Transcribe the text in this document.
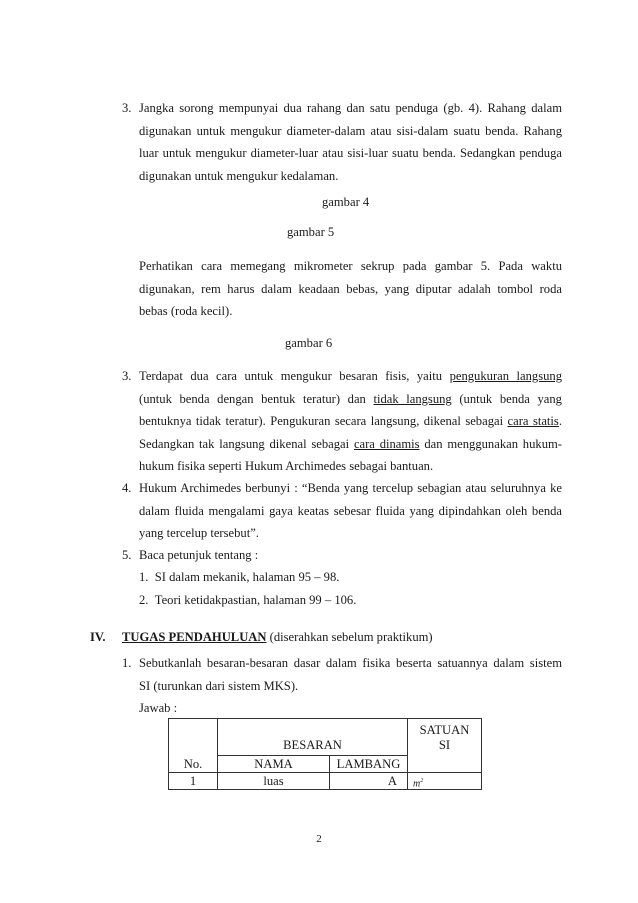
3. Jangka sorong mempunyai dua rahang dan satu penduga (gb. 4). Rahang dalam
digunakan untuk mengukur diameter-dalam atau sisi-dalam suatu benda. Rahang
luar untuk mengukur diameter-luar atau sisi-luar suatu benda. Sedangkan penduga
digunakan untuk mengukur kedalaman.
gambar 4
gambar 5
Perhatikan cara memegang mikrometer sekrup pada gambar 5. Pada waktu
digunakan, rem harus dalam keadaan bebas, yang diputar adalah tombol roda
bebas (roda kecil).
gambar 6
3. Terdapat dua cara untuk mengukur besaran fisis, yaitu pengukuran langsung
(untuk benda dengan bentuk teratur) dan tidak langsung (untuk benda yang
bentuknya tidak teratur). Pengukuran secara langsung, dikenal sebagai cara statis.
Sedangkan tak langsung dikenal sebagai cara dinamis dan menggunakan hukum-
hukum fisika seperti Hukum Archimedes sebagai bantuan.
4. Hukum Archimedes berbunyi : “Benda yang tercelup sebagian atau seluruhnya ke
dalam fluida mengalami gaya keatas sebesar fluida yang dipindahkan oleh benda
yang tercelup tersebut”.
5. Baca petunjuk tentang :
1. SI dalam mekanik, halaman 95 – 98.
2. Teori ketidakpastian, halaman 99 – 106.
IV. TUGAS PENDAHULUAN (diserahkan sebelum praktikum)
1. Sebutkanlah besaran-besaran dasar dalam fisika beserta satuannya dalam sistem
SI (turunkan dari sistem MKS).
Jawab :
No.	BESARAN		SATUAN
SI
	NAMA	LAMBANG	
1	luas	A	$m^2$
2
